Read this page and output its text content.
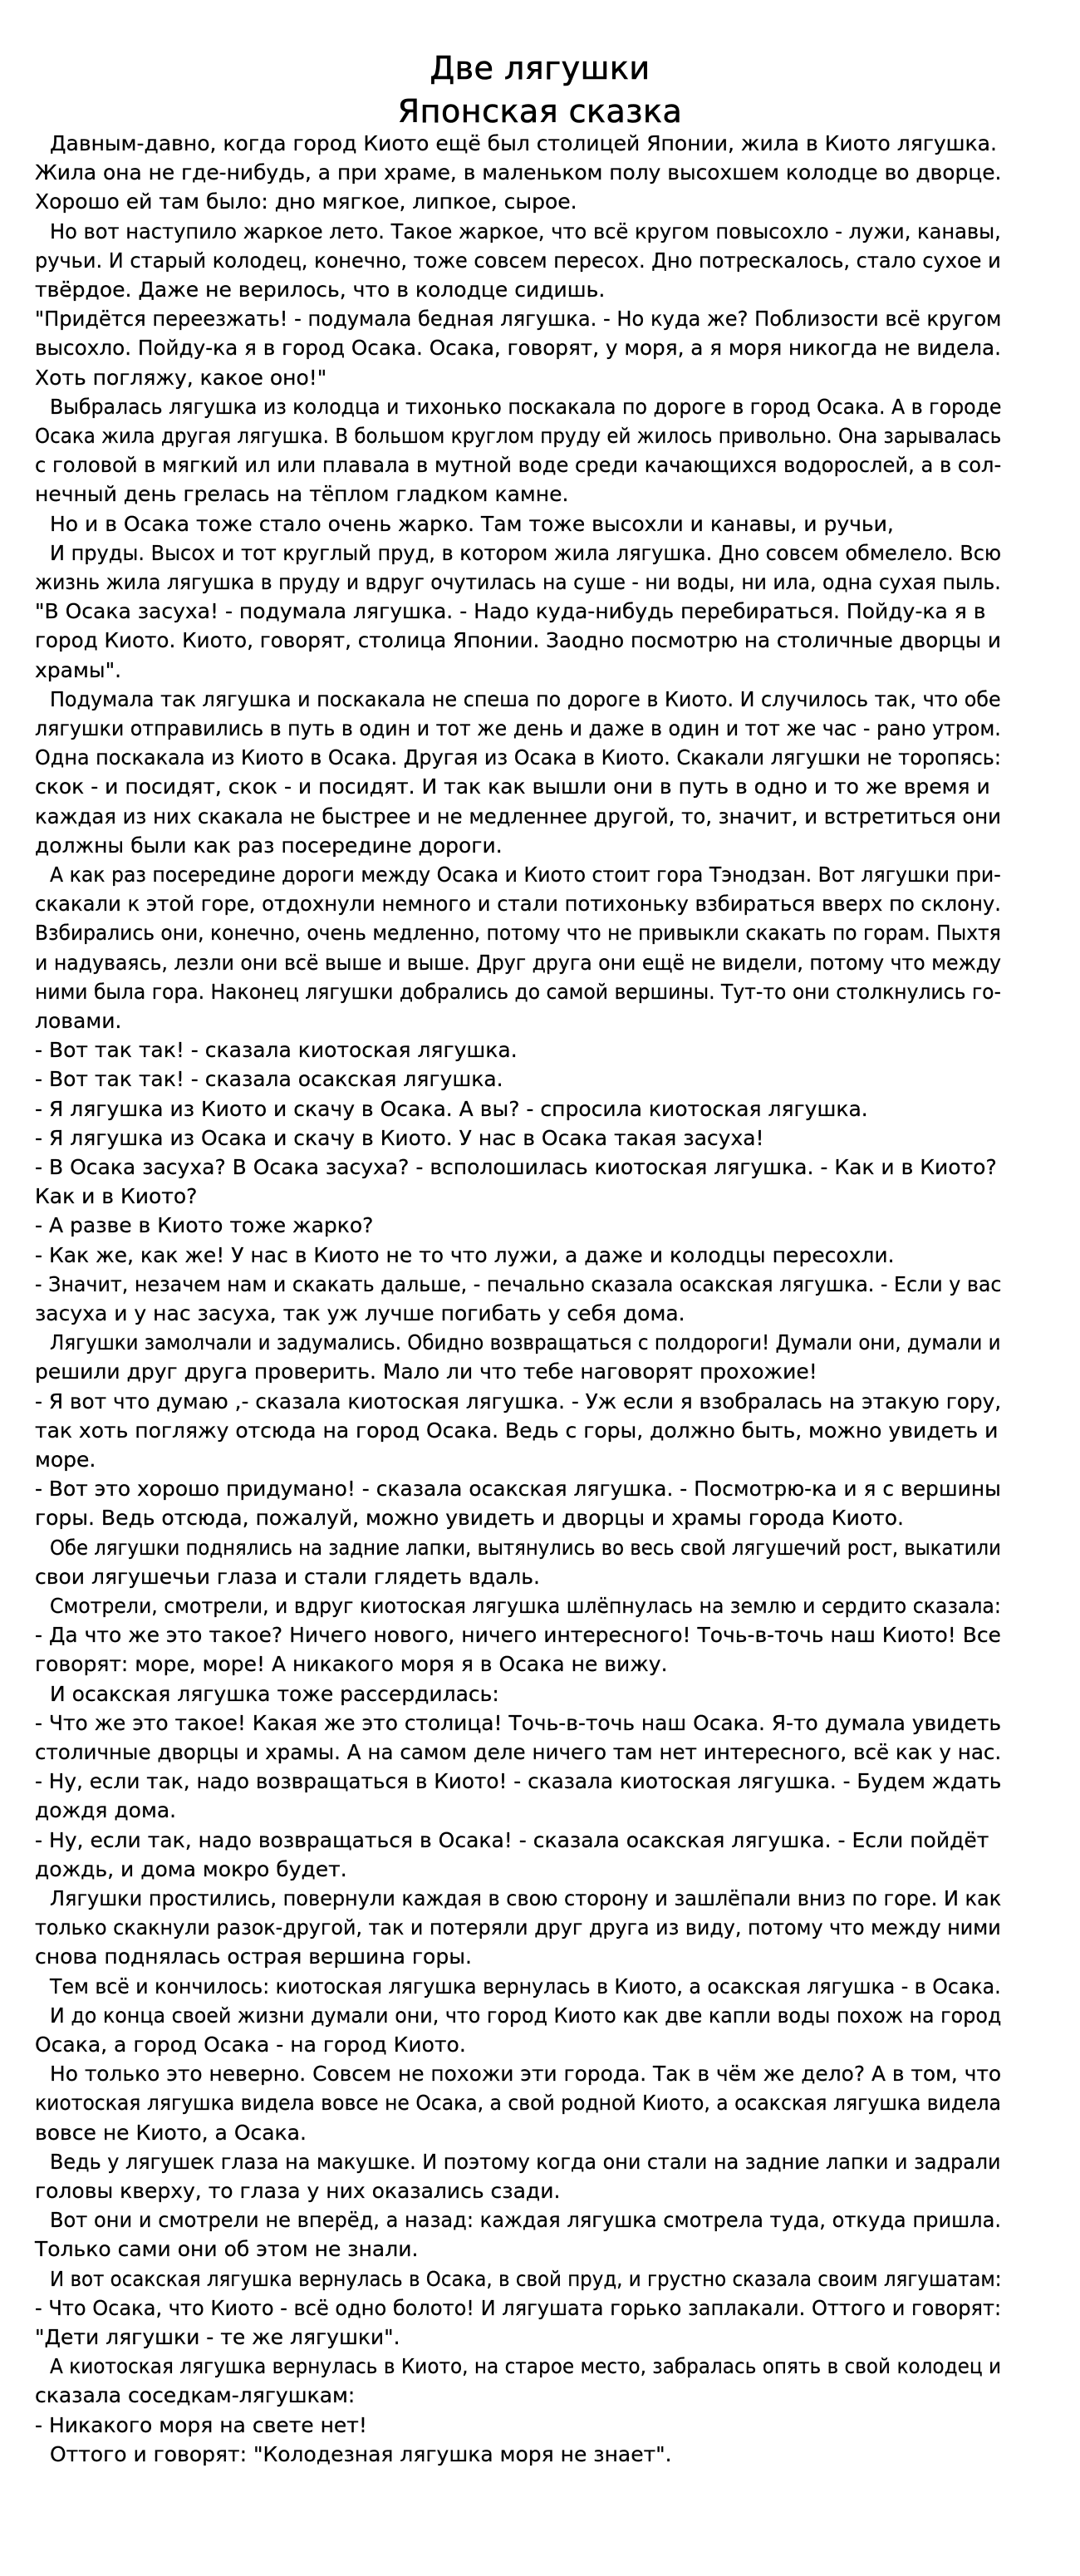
Две лягушки
Японская сказка
Давным-давно, когда город Киото ещё был столицей Японии, жила в Киото лягушка.
Жила она не где-нибудь, а при храме, в маленьком полу высохшем колодце во дворце.
Хорошо ей там было: дно мягкое, липкое, сырое.
Но вот наступило жаркое лето. Такое жаркое, что всё кругом повысохло - лужи, канавы,
ручьи. И старый колодец, конечно, тоже совсем пересох. Дно потрескалось, стало сухое и
твёрдое. Даже не верилось, что в колодце сидишь.
"Придётся переезжать! - подумала бедная лягушка. - Но куда же? Поблизости всё кругом
высохло. Пойду-ка я в город Осака. Осака, говорят, у моря, а я моря никогда не видела.
Хоть погляжу, какое оно!"
Выбралась лягушка из колодца и тихонько поскакала по дороге в город Осака. А в городе
Осака жила другая лягушка. В большом круглом пруду ей жилось привольно. Она зарывалась
с головой в мягкий ил или плавала в мутной воде среди качающихся водорослей, а в сол-
нечный день грелась на тёплом гладком камне.
Но и в Осака тоже стало очень жарко. Там тоже высохли и канавы, и ручьи,
И пруды. Высох и тот круглый пруд, в котором жила лягушка. Дно совсем обмелело. Всю
жизнь жила лягушка в пруду и вдруг очутилась на суше - ни воды, ни ила, одна сухая пыль.
"В Осака засуха! - подумала лягушка. - Надо куда-нибудь перебираться. Пойду-ка я в
город Киото. Киото, говорят, столица Японии. Заодно посмотрю на столичные дворцы и
храмы".
Подумала так лягушка и поскакала не спеша по дороге в Киото. И случилось так, что обе
лягушки отправились в путь в один и тот же день и даже в один и тот же час - рано утром.
Одна поскакала из Киото в Осака. Другая из Осака в Киото. Скакали лягушки не торопясь:
скок - и посидят, скок - и посидят. И так как вышли они в путь в одно и то же время и
каждая из них скакала не быстрее и не медленнее другой, то, значит, и встретиться они
должны были как раз посередине дороги.
А как раз посередине дороги между Осака и Киото стоит гора Тэнодзан. Вот лягушки при-
скакали к этой горе, отдохнули немного и стали потихоньку взбираться вверх по склону.
Взбирались они, конечно, очень медленно, потому что не привыкли скакать по горам. Пыхтя
и надуваясь, лезли они всё выше и выше. Друг друга они ещё не видели, потому что между
ними была гора. Наконец лягушки добрались до самой вершины. Тут-то они столкнулись го-
ловами.
- Вот так так! - сказала киотоская лягушка.
- Вот так так! - сказала осакская лягушка.
- Я лягушка из Киото и скачу в Осака. А вы? - спросила киотоская лягушка.
- Я лягушка из Осака и скачу в Киото. У нас в Осака такая засуха!
- В Осака засуха? В Осака засуха? - всполошилась киотоская лягушка. - Как и в Киото?
Как и в Киото?
- А разве в Киото тоже жарко?
- Как же, как же! У нас в Киото не то что лужи, а даже и колодцы пересохли.
- Значит, незачем нам и скакать дальше, - печально сказала осакская лягушка. - Если у вас
засуха и у нас засуха, так уж лучше погибать у себя дома.
Лягушки замолчали и задумались. Обидно возвращаться с полдороги! Думали они, думали и
решили друг друга проверить. Мало ли что тебе наговорят прохожие!
- Я вот что думаю ,- сказала киотоская лягушка. - Уж если я взобралась на этакую гору,
так хоть погляжу отсюда на город Осака. Ведь с горы, должно быть, можно увидеть и
море.
- Вот это хорошо придумано! - сказала осакская лягушка. - Посмотрю-ка и я с вершины
горы. Ведь отсюда, пожалуй, можно увидеть и дворцы и храмы города Киото.
Обе лягушки поднялись на задние лапки, вытянулись во весь свой лягушечий рост, выкатили
свои лягушечьи глаза и стали глядеть вдаль.
Смотрели, смотрели, и вдруг киотоская лягушка шлёпнулась на землю и сердито сказала:
- Да что же это такое? Ничего нового, ничего интересного! Точь-в-точь наш Киото! Все
говорят: море, море! А никакого моря я в Осака не вижу.
И осакская лягушка тоже рассердилась:
- Что же это такое! Какая же это столица! Точь-в-точь наш Осака. Я-то думала увидеть
столичные дворцы и храмы. А на самом деле ничего там нет интересного, всё как у нас.
- Ну, если так, надо возвращаться в Киото! - сказала киотоская лягушка. - Будем ждать
дождя дома.
- Ну, если так, надо возвращаться в Осака! - сказала осакская лягушка. - Если пойдёт
дождь, и дома мокро будет.
Лягушки простились, повернули каждая в свою сторону и зашлёпали вниз по горе. И как
только скакнули разок-другой, так и потеряли друг друга из виду, потому что между ними
снова поднялась острая вершина горы.
Тем всё и кончилось: киотоская лягушка вернулась в Киото, а осакская лягушка - в Осака.
И до конца своей жизни думали они, что город Киото как две капли воды похож на город
Осака, а город Осака - на город Киото.
Но только это неверно. Совсем не похожи эти города. Так в чём же дело? А в том, что
киотоская лягушка видела вовсе не Осака, а свой родной Киото, а осакская лягушка видела
вовсе не Киото, а Осака.
Ведь у лягушек глаза на макушке. И поэтому когда они стали на задние лапки и задрали
головы кверху, то глаза у них оказались сзади.
Вот они и смотрели не вперёд, а назад: каждая лягушка смотрела туда, откуда пришла.
Только сами они об этом не знали.
И вот осакская лягушка вернулась в Осака, в свой пруд, и грустно сказала своим лягушатам:
- Что Осака, что Киото - всё одно болото! И лягушата горько заплакали. Оттого и говорят:
"Дети лягушки - те же лягушки".
А киотоская лягушка вернулась в Киото, на старое место, забралась опять в свой колодец и
сказала соседкам-лягушкам:
- Никакого моря на свете нет!
Оттого и говорят: "Колодезная лягушка моря не знает".
